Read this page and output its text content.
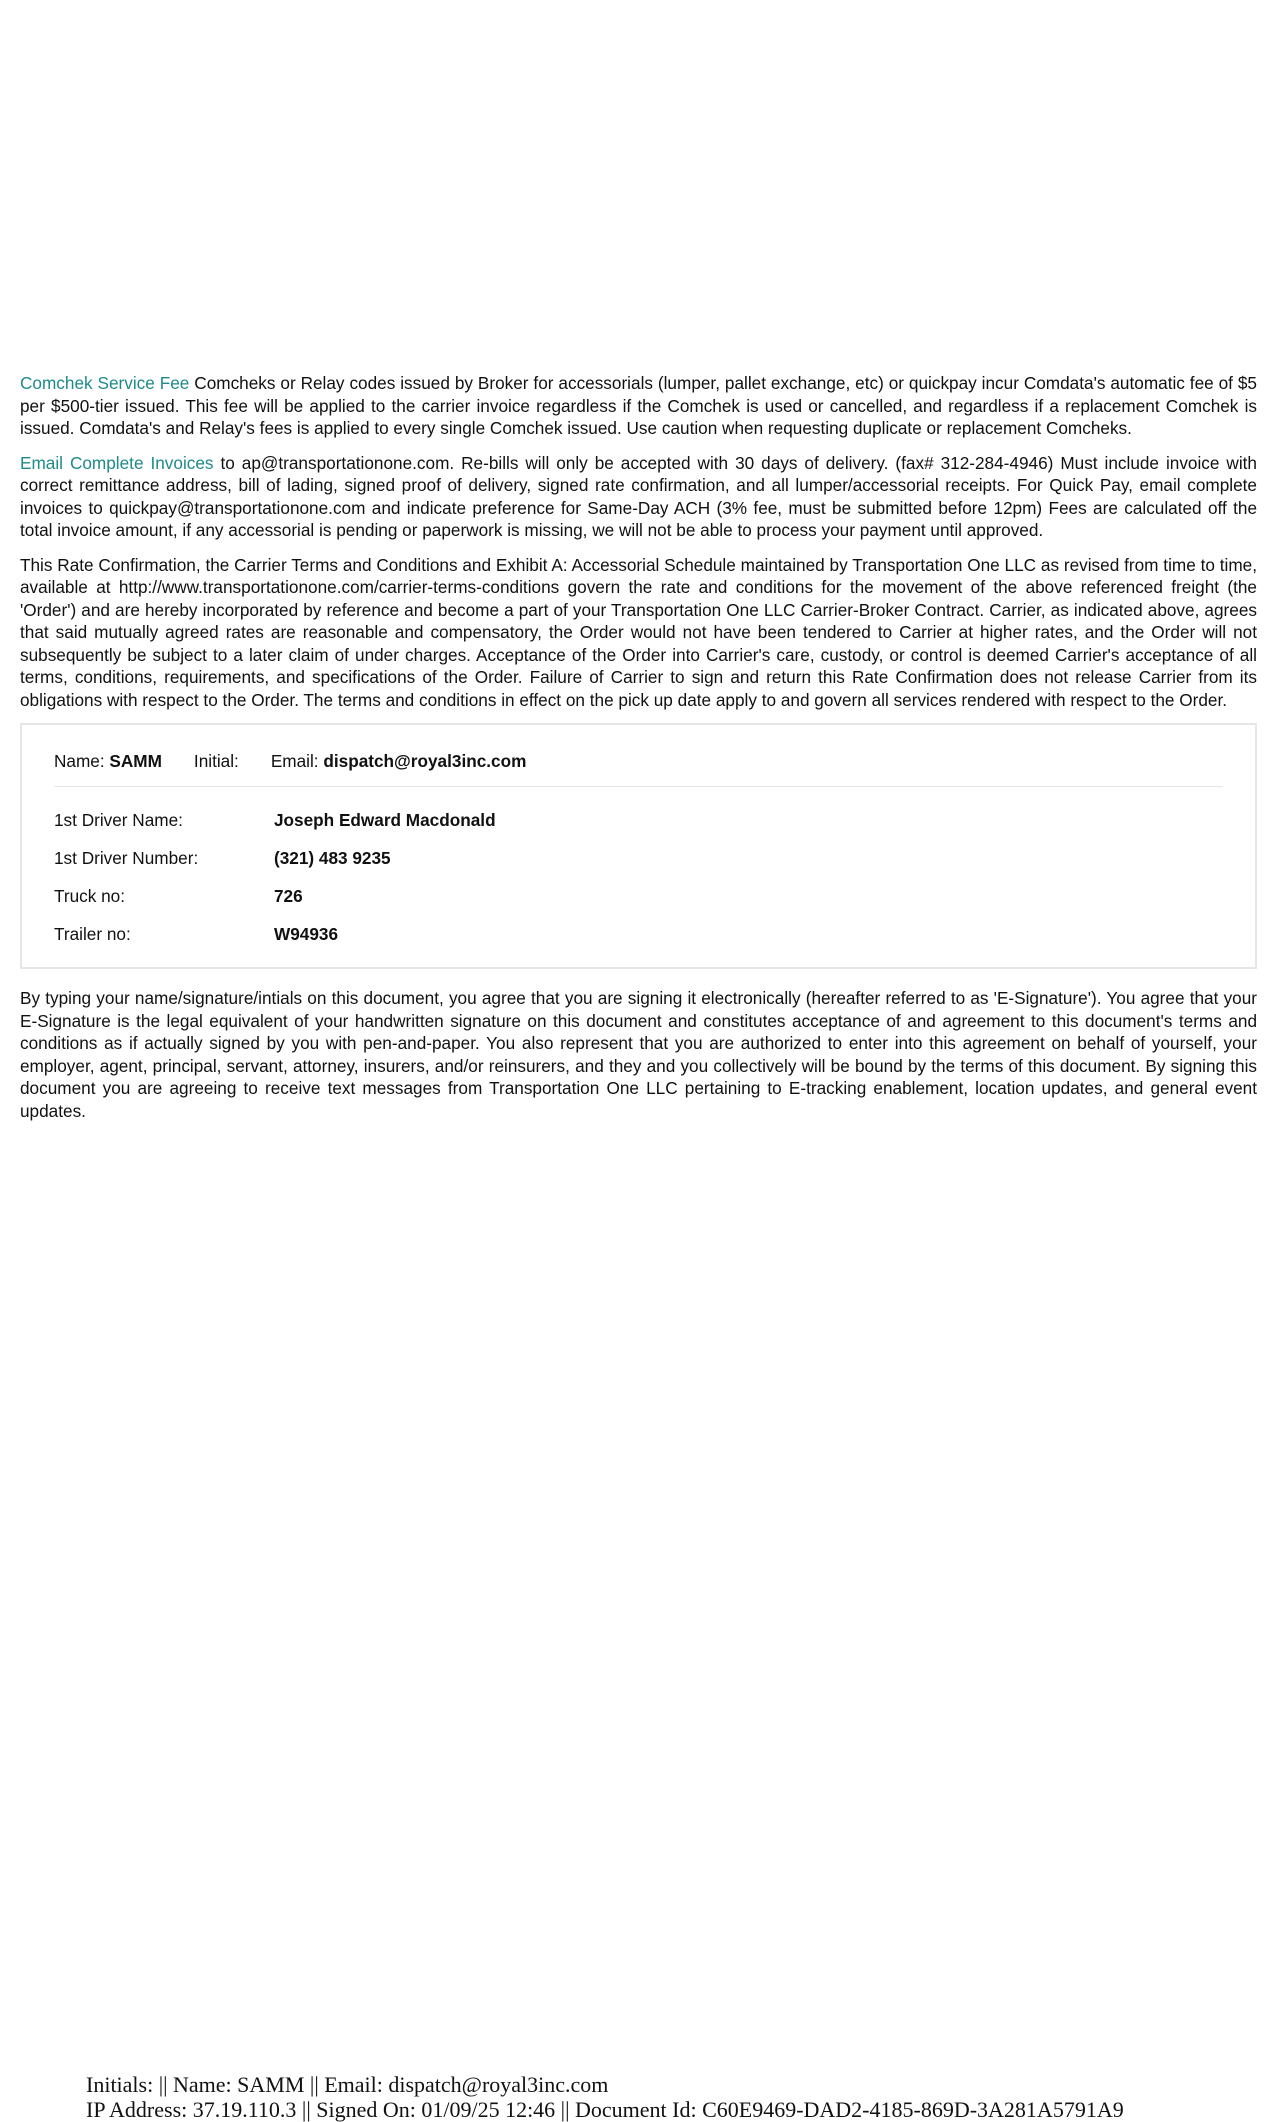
Comchek Service Fee Comcheks or Relay codes issued by Broker for accessorials (lumper, pallet exchange, etc) or quickpay incur Comdata's automatic fee of $5 per $500-tier issued. This fee will be applied to the carrier invoice regardless if the Comchek is used or cancelled, and regardless if a replacement Comchek is issued. Comdata's and Relay's fees is applied to every single Comchek issued. Use caution when requesting duplicate or replacement Comcheks.

Email Complete Invoices to ap@transportationone.com. Re-bills will only be accepted with 30 days of delivery. (fax# 312-284-4946) Must include invoice with correct remittance address, bill of lading, signed proof of delivery, signed rate confirmation, and all lumper/accessorial receipts. For Quick Pay, email complete invoices to quickpay@transportationone.com and indicate preference for Same-Day ACH (3% fee, must be submitted before 12pm) Fees are calculated off the total invoice amount, if any accessorial is pending or paperwork is missing, we will not be able to process your payment until approved.

This Rate Confirmation, the Carrier Terms and Conditions and Exhibit A: Accessorial Schedule maintained by Transportation One LLC as revised from time to time, available at http://www.transportationone.com/carrier-terms-conditions govern the rate and conditions for the movement of the above referenced freight (the 'Order') and are hereby incorporated by reference and become a part of your Transportation One LLC Carrier-Broker Contract. Carrier, as indicated above, agrees that said mutually agreed rates are reasonable and compensatory, the Order would not have been tendered to Carrier at higher rates, and the Order will not subsequently be subject to a later claim of under charges. Acceptance of the Order into Carrier's care, custody, or control is deemed Carrier's acceptance of all terms, conditions, requirements, and specifications of the Order. Failure of Carrier to sign and return this Rate Confirmation does not release Carrier from its obligations with respect to the Order. The terms and conditions in effect on the pick up date apply to and govern all services rendered with respect to the Order.

Name: SAMM Initial: Email: dispatch@royal3inc.com
1st Driver Name:	Joseph Edward Macdonald
1st Driver Number:	(321) 483 9235
Truck no:	726
Trailer no:	W94936

By typing your name/signature/intials on this document, you agree that you are signing it electronically (hereafter referred to as 'E-Signature'). You agree that your E-Signature is the legal equivalent of your handwritten signature on this document and constitutes acceptance of and agreement to this document's terms and conditions as if actually signed by you with pen-and-paper. You also represent that you are authorized to enter into this agreement on behalf of yourself, your employer, agent, principal, servant, attorney, insurers, and/or reinsurers, and they and you collectively will be bound by the terms of this document. By signing this document you are agreeing to receive text messages from Transportation One LLC pertaining to E-tracking enablement, location updates, and general event updates.

Initials: || Name: SAMM || Email: dispatch@royal3inc.com
IP Address: 37.19.110.3 || Signed On: 01/09/25 12:46 || Document Id: C60E9469-DAD2-4185-869D-3A281A5791A9
